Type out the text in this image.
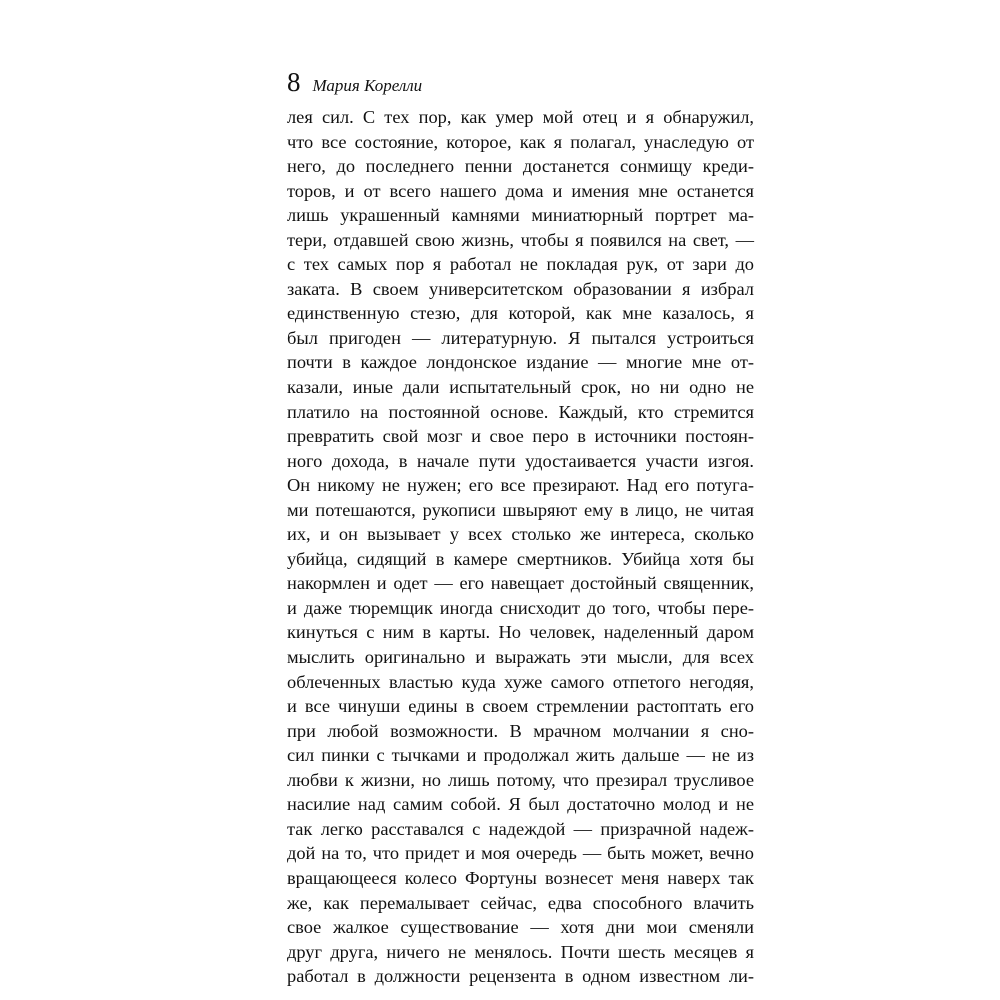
8 Мария Корелли
лея сил. С тех пор, как умер мой отец и я обнаружил,
что все состояние, которое, как я полагал, унаследую от
него, до последнего пенни достанется сонмищу креди-
торов, и от всего нашего дома и имения мне останется
лишь украшенный камнями миниатюрный портрет ма-
тери, отдавшей свою жизнь, чтобы я появился на свет, —
с тех самых пор я работал не покладая рук, от зари до
заката. В своем университетском образовании я избрал
единственную стезю, для которой, как мне казалось, я
был пригоден — литературную. Я пытался устроиться
почти в каждое лондонское издание — многие мне от-
казали, иные дали испытательный срок, но ни одно не
платило на постоянной основе. Каждый, кто стремится
превратить свой мозг и свое перо в источники постоян-
ного дохода, в начале пути удостаивается участи изгоя.
Он никому не нужен; его все презирают. Над его потуга-
ми потешаются, рукописи швыряют ему в лицо, не читая
их, и он вызывает у всех столько же интереса, сколько
убийца, сидящий в камере смертников. Убийца хотя бы
накормлен и одет — его навещает достойный священник,
и даже тюремщик иногда снисходит до того, чтобы пере-
кинуться с ним в карты. Но человек, наделенный даром
мыслить оригинально и выражать эти мысли, для всех
облеченных властью куда хуже самого отпетого негодяя,
и все чинуши едины в своем стремлении растоптать его
при любой возможности. В мрачном молчании я сно-
сил пинки с тычками и продолжал жить дальше — не из
любви к жизни, но лишь потому, что презирал трусливое
насилие над самим собой. Я был достаточно молод и не
так легко расставался с надеждой — призрачной надеж-
дой на то, что придет и моя очередь — быть может, вечно
вращающееся колесо Фортуны вознесет меня наверх так
же, как перемалывает сейчас, едва способного влачить
свое жалкое существование — хотя дни мои сменяли
друг друга, ничего не менялось. Почти шесть месяцев я
работал в должности рецензента в одном известном ли-
